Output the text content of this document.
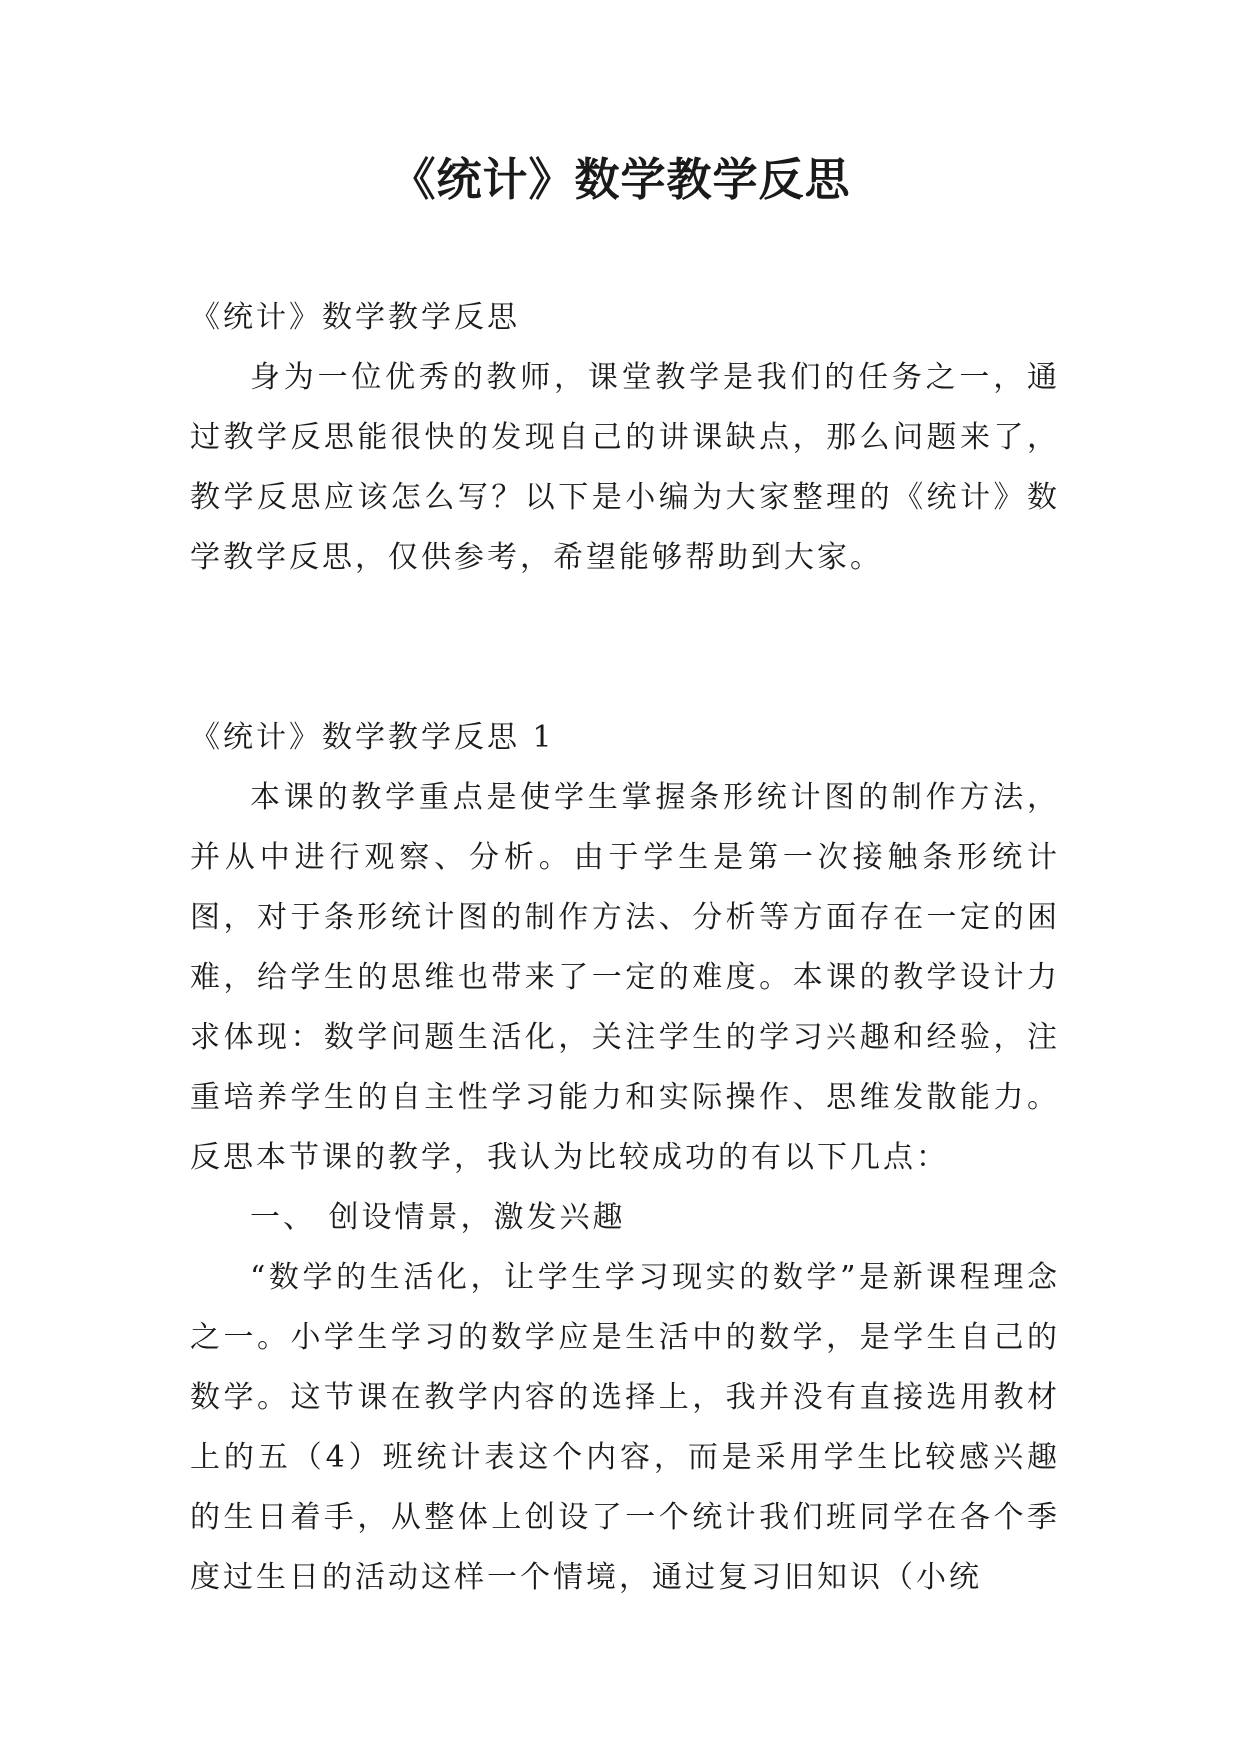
《统计》数学教学反思

《统计》数学教学反思

身为一位优秀的教师，课堂教学是我们的任务之一，通过教学反思能很快的发现自己的讲课缺点，那么问题来了，教学反思应该怎么写？以下是小编为大家整理的《统计》数学教学反思，仅供参考，希望能够帮助到大家。

《统计》数学教学反思 1

本课的教学重点是使学生掌握条形统计图的制作方法，并从中进行观察、分析。由于学生是第一次接触条形统计图，对于条形统计图的制作方法、分析等方面存在一定的困难，给学生的思维也带来了一定的难度。本课的教学设计力求体现：数学问题生活化，关注学生的学习兴趣和经验，注重培养学生的自主性学习能力和实际操作、思维发散能力。反思本节课的教学，我认为比较成功的有以下几点：

一、 创设情景，激发兴趣

“数学的生活化，让学生学习现实的数学”是新课程理念之一。小学生学习的数学应是生活中的数学，是学生自己的数学。这节课在教学内容的选择上，我并没有直接选用教材上的五（4）班统计表这个内容，而是采用学生比较感兴趣的生日着手，从整体上创设了一个统计我们班同学在各个季度过生日的活动这样一个情境，通过复习旧知识（小统
